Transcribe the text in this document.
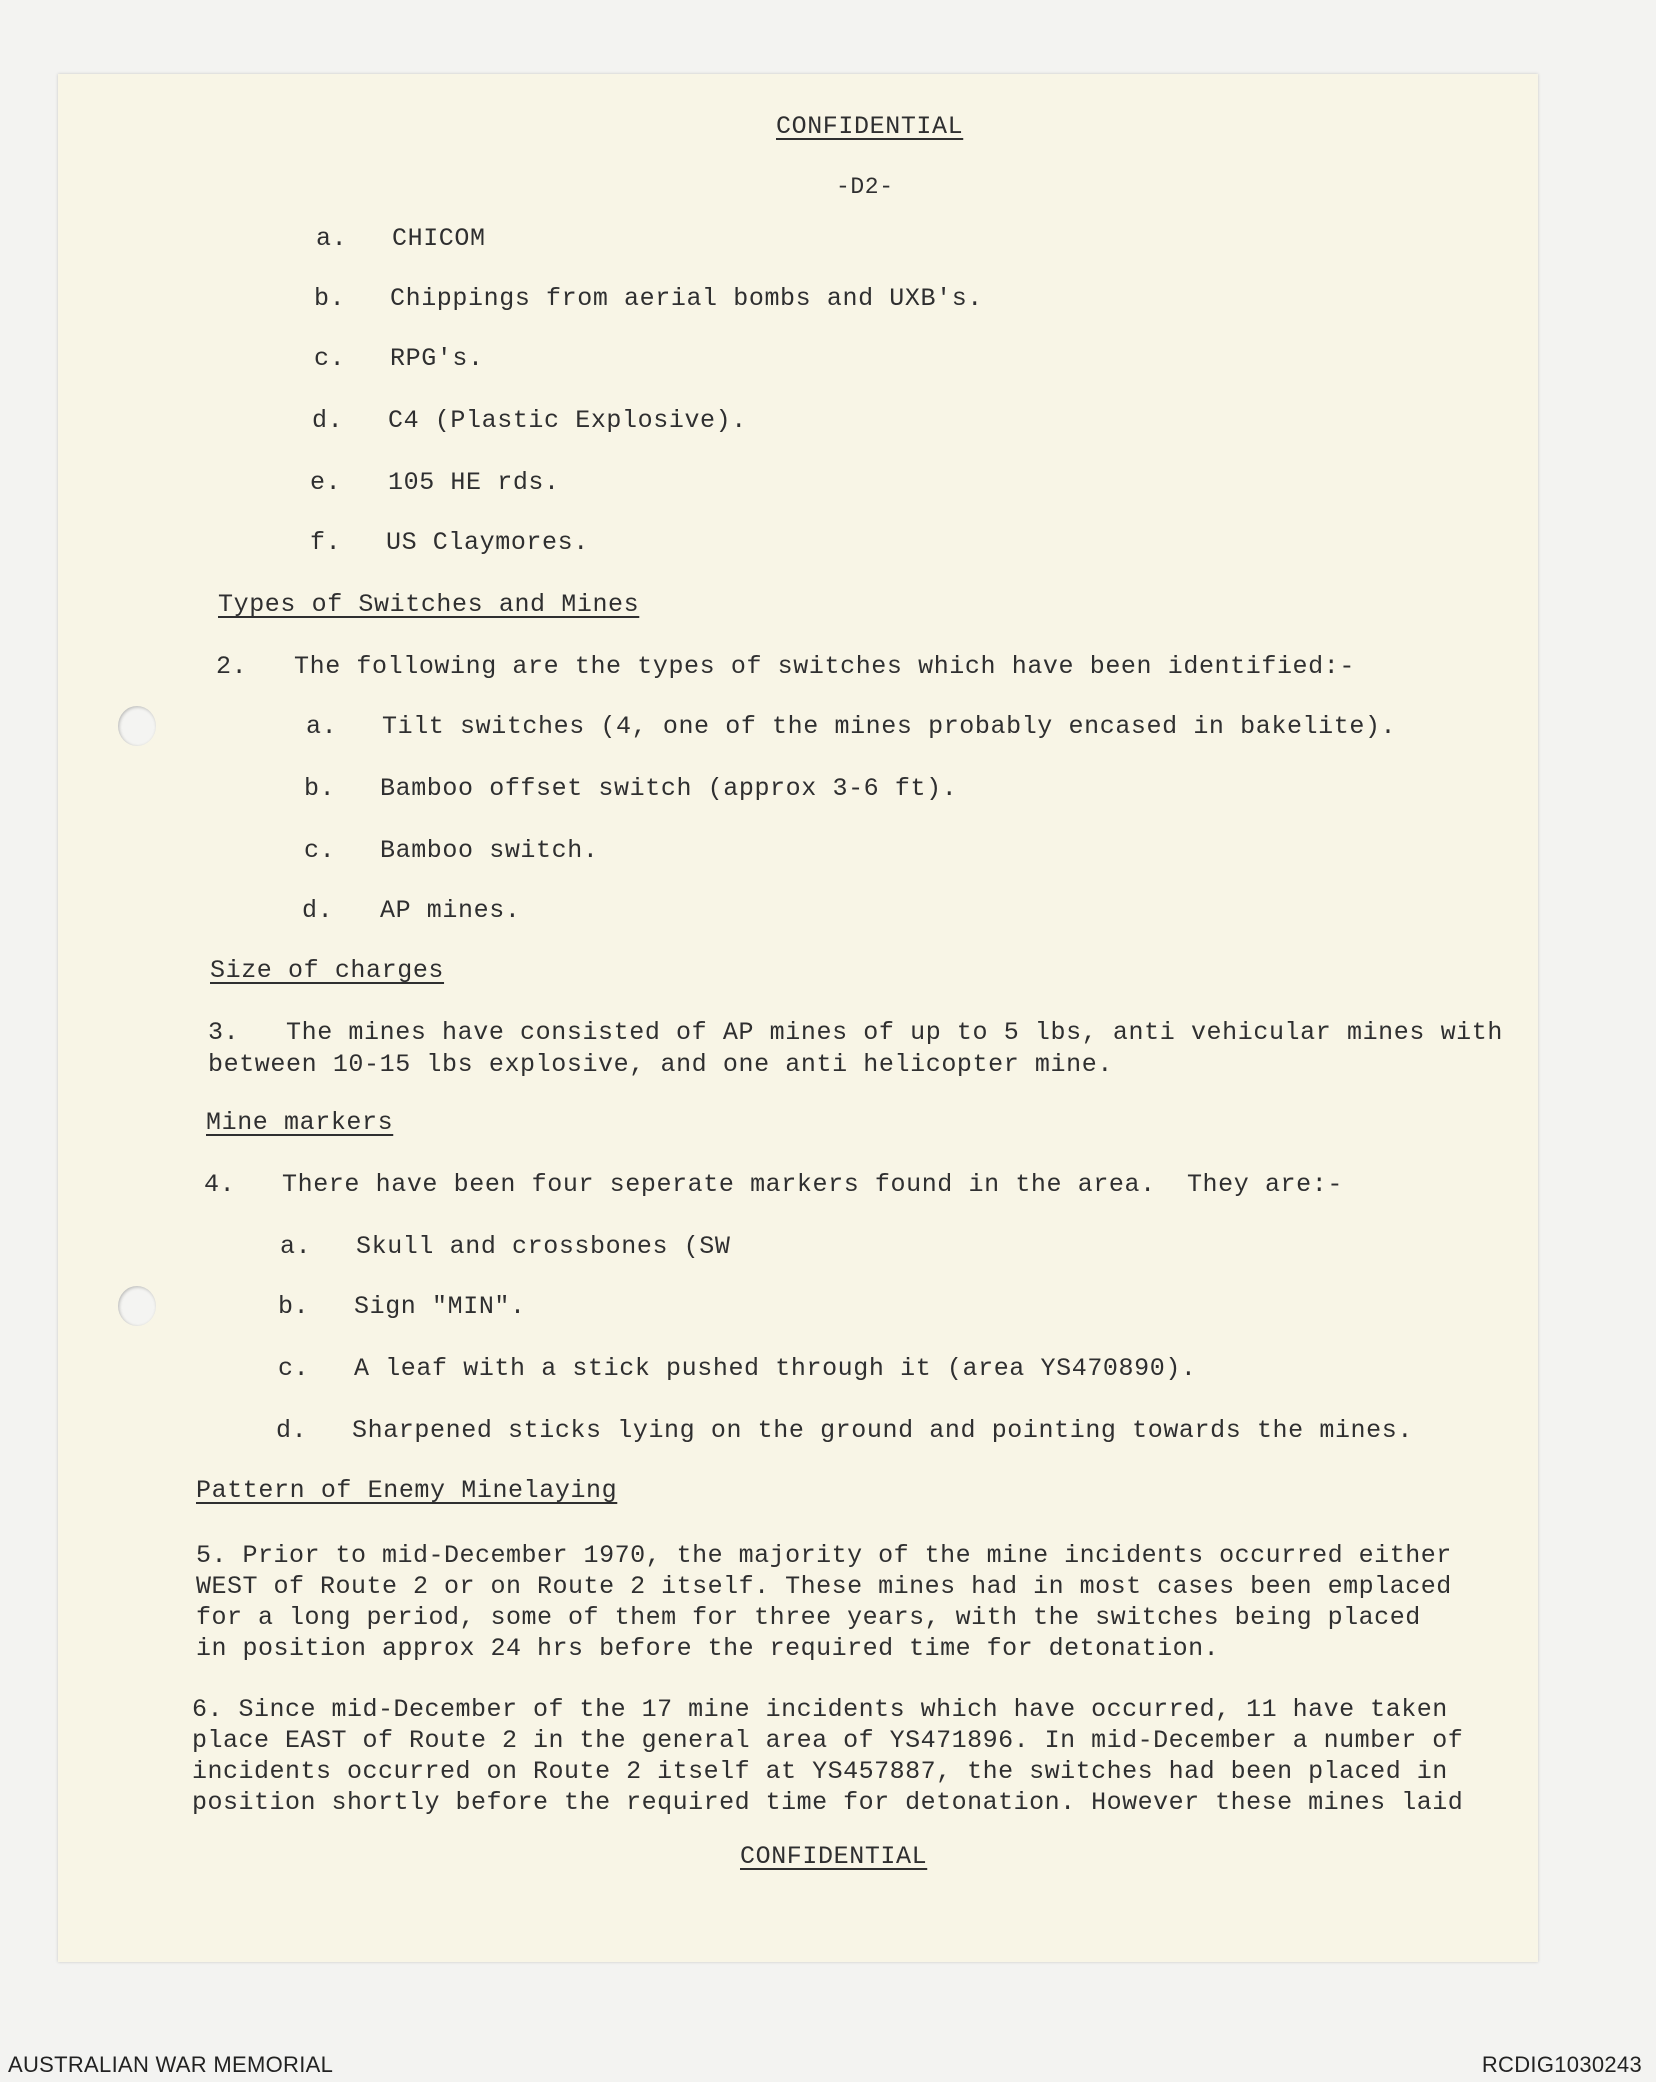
CONFIDENTIAL
-D2-
a. CHICOM
b. Chippings from aerial bombs and UXB's.
c. RPG's.
d. C4 (Plastic Explosive).
e. 105 HE rds.
f. US Claymores.
Types of Switches and Mines
2. The following are the types of switches which have been identified:-
a. Tilt switches (4, one of the mines probably encased in bakelite).
b. Bamboo offset switch (approx 3-6 ft).
c. Bamboo switch.
d. AP mines.
Size of charges
3. The mines have consisted of AP mines of up to 5 lbs, anti vehicular mines with
between 10-15 lbs explosive, and one anti helicopter mine.
Mine markers
4. There have been four seperate markers found in the area.  They are:-
a. Skull and crossbones (SW
b. Sign "MIN".
c. A leaf with a stick pushed through it (area YS470890).
d. Sharpened sticks lying on the ground and pointing towards the mines.
Pattern of Enemy Minelaying
5. Prior to mid-December 1970, the majority of the mine incidents occurred either
WEST of Route 2 or on Route 2 itself. These mines had in most cases been emplaced
for a long period, some of them for three years, with the switches being placed
in position approx 24 hrs before the required time for detonation.
6. Since mid-December of the 17 mine incidents which have occurred, 11 have taken
place EAST of Route 2 in the general area of YS471896. In mid-December a number of
incidents occurred on Route 2 itself at YS457887, the switches had been placed in
position shortly before the required time for detonation. However these mines laid
CONFIDENTIAL
AUSTRALIAN WAR MEMORIAL	RCDIG1030243
